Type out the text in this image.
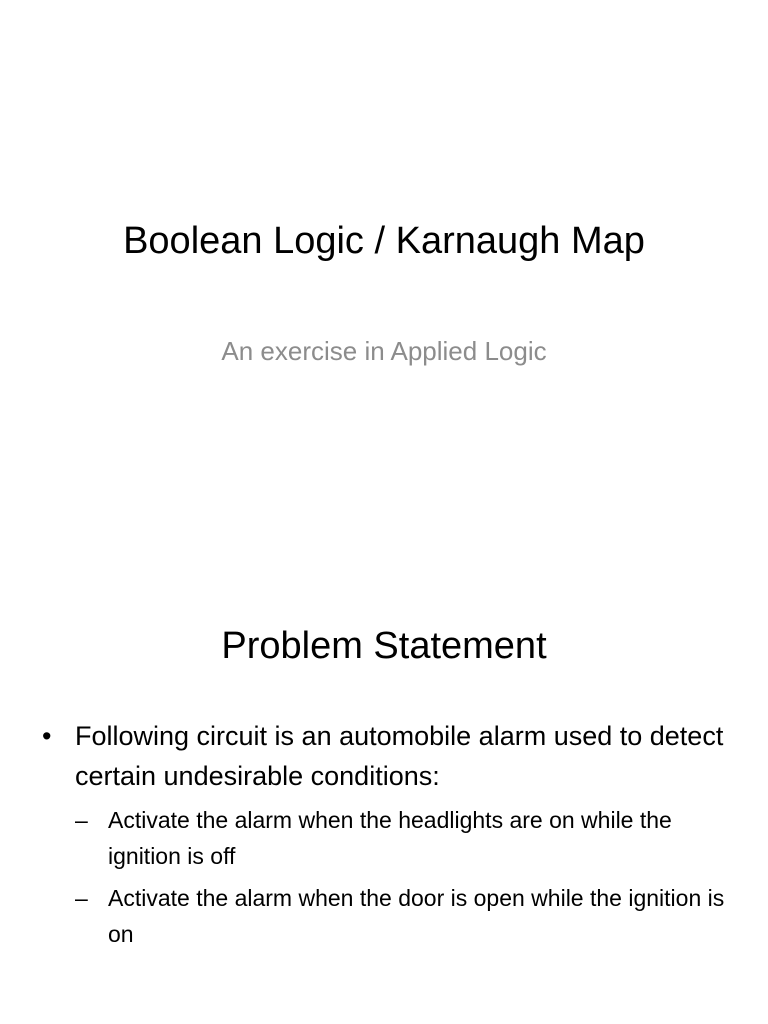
Boolean Logic / Karnaugh Map
An exercise in Applied Logic
Problem Statement
• Following circuit is an automobile alarm used to detect certain undesirable conditions:
– Activate the alarm when the headlights are on while the ignition is off
– Activate the alarm when the door is open while the ignition is on
